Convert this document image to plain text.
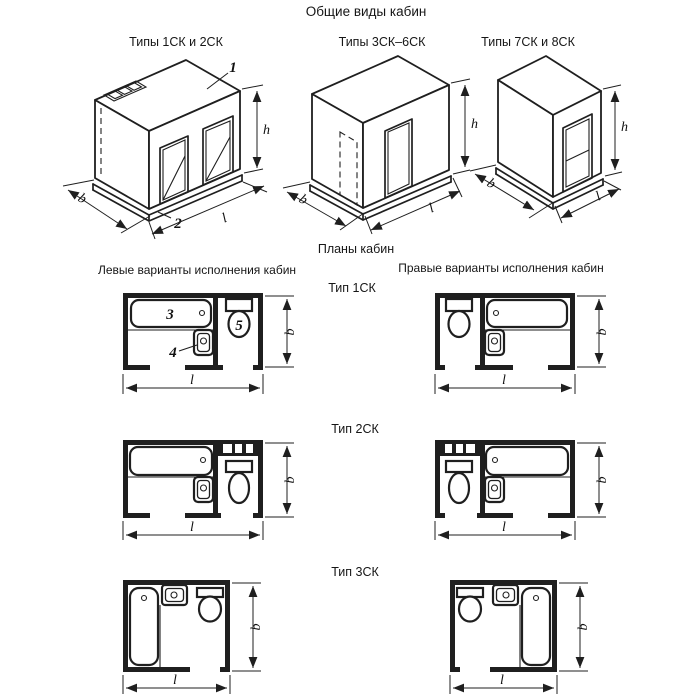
Общие виды кабин
Типы 1СК и 2СК	Типы 3СК–6СК	Типы 7СК и 8СК
1
2
h
b
l
h
b
l
h
b
l
Планы кабин
Левые варианты исполнения кабин	Правые варианты исполнения кабин
Тип 1СК
Тип 2СК
Тип 3СК
3
4
5	b
l
b
l
b
l
b
l
b
l
b
l
